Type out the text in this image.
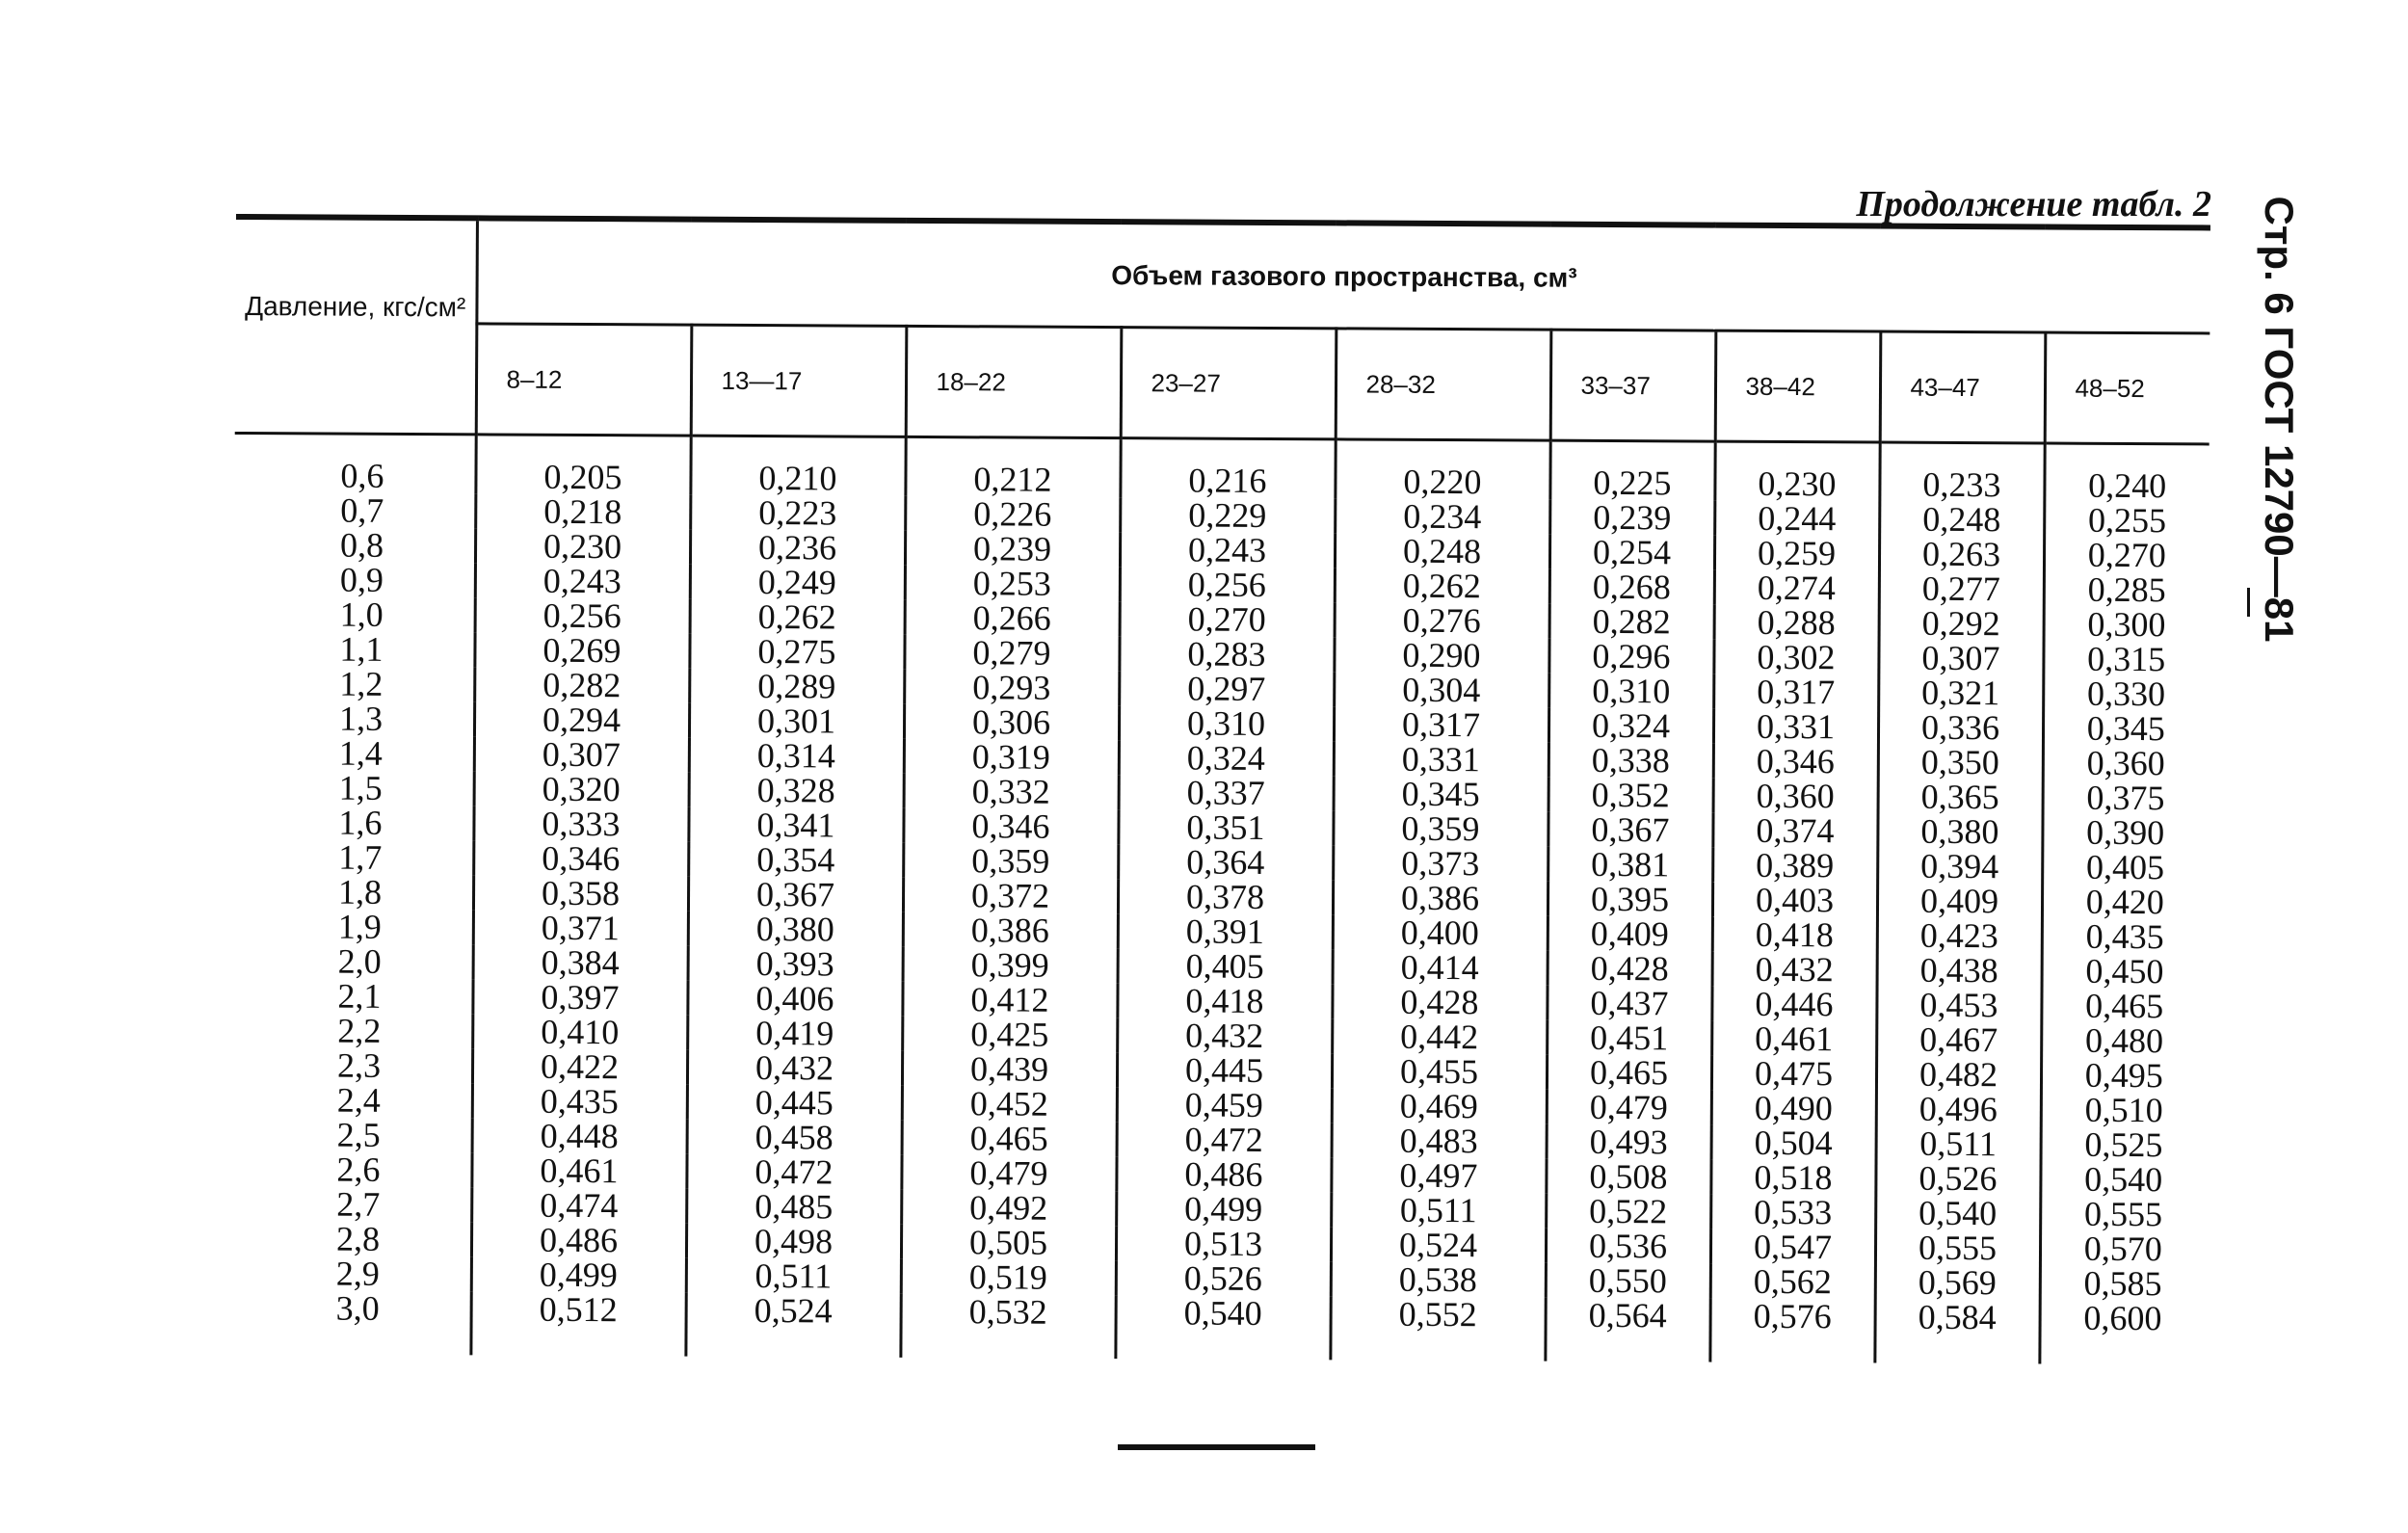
Продолжение табл. 2 Стр. 6 ГОСТ 12790—81
Давление, кгс/см²	Объем газового пространства, см³								
	8–12	13—17	18–22	23–27	28–32	33–37	38–42	43–47	48–52
0,6	0,205	0,210	0,212	0,216	0,220	0,225	0,230	0,233	0,240
0,7	0,218	0,223	0,226	0,229	0,234	0,239	0,244	0,248	0,255
0,8	0,230	0,236	0,239	0,243	0,248	0,254	0,259	0,263	0,270
0,9	0,243	0,249	0,253	0,256	0,262	0,268	0,274	0,277	0,285
1,0	0,256	0,262	0,266	0,270	0,276	0,282	0,288	0,292	0,300
1,1	0,269	0,275	0,279	0,283	0,290	0,296	0,302	0,307	0,315
1,2	0,282	0,289	0,293	0,297	0,304	0,310	0,317	0,321	0,330
1,3	0,294	0,301	0,306	0,310	0,317	0,324	0,331	0,336	0,345
1,4	0,307	0,314	0,319	0,324	0,331	0,338	0,346	0,350	0,360
1,5	0,320	0,328	0,332	0,337	0,345	0,352	0,360	0,365	0,375
1,6	0,333	0,341	0,346	0,351	0,359	0,367	0,374	0,380	0,390
1,7	0,346	0,354	0,359	0,364	0,373	0,381	0,389	0,394	0,405
1,8	0,358	0,367	0,372	0,378	0,386	0,395	0,403	0,409	0,420
1,9	0,371	0,380	0,386	0,391	0,400	0,409	0,418	0,423	0,435
2,0	0,384	0,393	0,399	0,405	0,414	0,428	0,432	0,438	0,450
2,1	0,397	0,406	0,412	0,418	0,428	0,437	0,446	0,453	0,465
2,2	0,410	0,419	0,425	0,432	0,442	0,451	0,461	0,467	0,480
2,3	0,422	0,432	0,439	0,445	0,455	0,465	0,475	0,482	0,495
2,4	0,435	0,445	0,452	0,459	0,469	0,479	0,490	0,496	0,510
2,5	0,448	0,458	0,465	0,472	0,483	0,493	0,504	0,511	0,525
2,6	0,461	0,472	0,479	0,486	0,497	0,508	0,518	0,526	0,540
2,7	0,474	0,485	0,492	0,499	0,511	0,522	0,533	0,540	0,555
2,8	0,486	0,498	0,505	0,513	0,524	0,536	0,547	0,555	0,570
2,9	0,499	0,511	0,519	0,526	0,538	0,550	0,562	0,569	0,585
3,0	0,512	0,524	0,532	0,540	0,552	0,564	0,576	0,584	0,600
